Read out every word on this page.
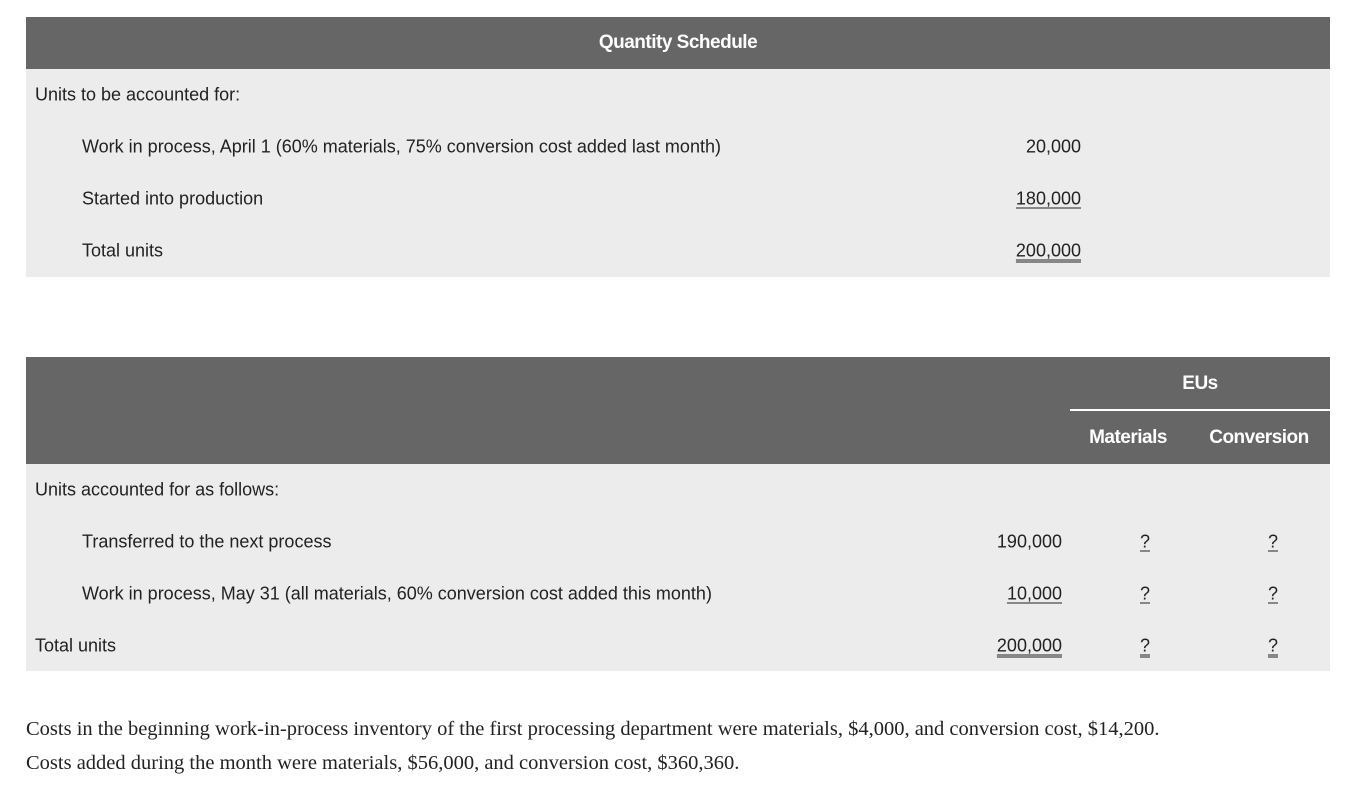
Quantity Schedule
Units to be accounted for:
Work in process, April 1 (60% materials, 75% conversion cost added last month)	20,000
Started into production	180,000
Total units	200,000
EUs
Materials	Conversion
Units accounted for as follows:
Transferred to the next process	190,000	?	?
Work in process, May 31 (all materials, 60% conversion cost added this month)	10,000	?	?
Total units	200,000	?	?
Costs in the beginning work-in-process inventory of the first processing department were materials, $4,000, and conversion cost, $14,200.
Costs added during the month were materials, $56,000, and conversion cost, $360,360.
